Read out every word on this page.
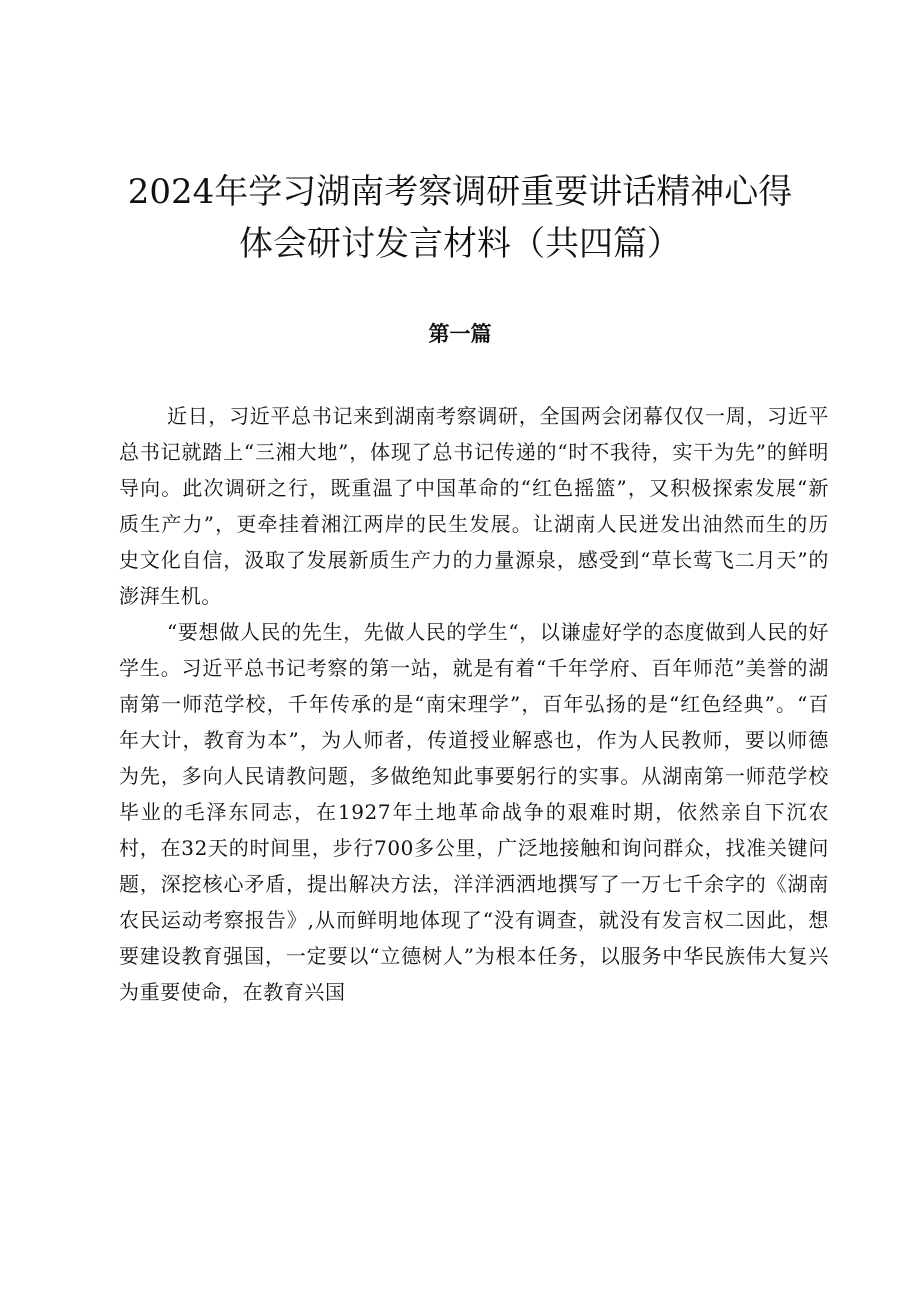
2024年学习湖南考察调研重要讲话精神心得
体会研讨发言材料（共四篇）
第一篇

近日，习近平总书记来到湖南考察调研，全国两会闭幕仅仅一周，习近平总书记就踏上“三湘大地”，体现了总书记传递的“时不我待，实干为先”的鲜明导向。此次调研之行，既重温了中国革命的“红色摇篮”，又积极探索发展“新质生产力”，更牵挂着湘江两岸的民生发展。让湖南人民迸发出油然而生的历史文化自信，汲取了发展新质生产力的力量源泉，感受到“草长莺飞二月天”的澎湃生机。

“要想做人民的先生，先做人民的学生“，以谦虚好学的态度做到人民的好学生。习近平总书记考察的第一站，就是有着“千年学府、百年师范”美誉的湖南第一师范学校，千年传承的是“南宋理学”，百年弘扬的是“红色经典”。“百年大计，教育为本”，为人师者，传道授业解惑也，作为人民教师，要以师德为先，多向人民请教问题，多做绝知此事要躬行的实事。从湖南第一师范学校毕业的毛泽东同志，在1927年土地革命战争的艰难时期，依然亲自下沉农村，在32天的时间里，步行700多公里，广泛地接触和询问群众，找准关键问题，深挖核心矛盾，提出解决方法，洋洋洒洒地撰写了一万七千余字的《湖南农民运动考察报告》,从而鲜明地体现了“没有调查，就没有发言权二因此，想要建设教育强国，一定要以“立德树人”为根本任务，以服务中华民族伟大复兴为重要使命，在教育兴国
